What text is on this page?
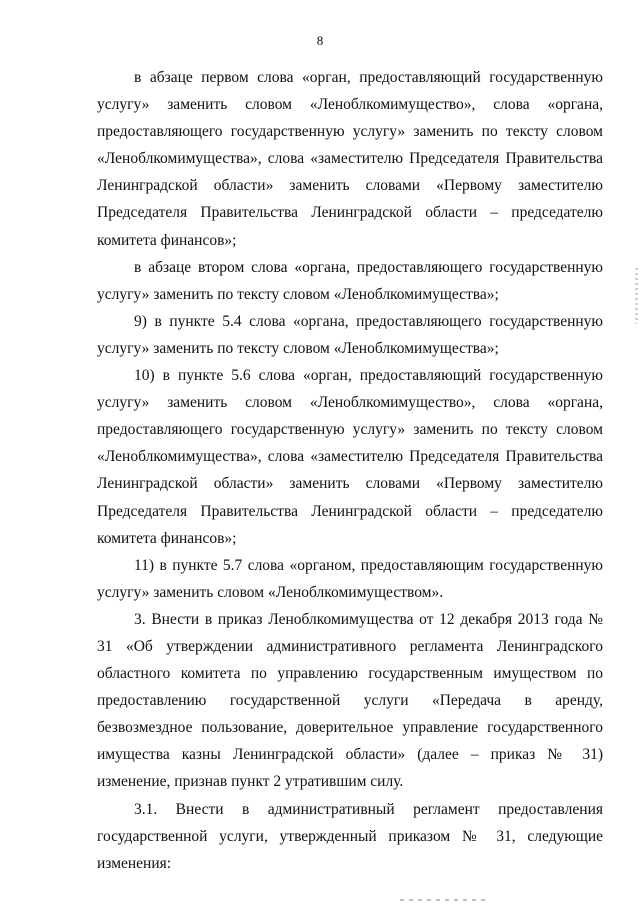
8

в абзаце первом слова «орган, предоставляющий государственную услугу» заменить словом «Леноблкомимущество», слова «органа, предоставляющего государственную услугу» заменить по тексту словом «Леноблкомимущества», слова «заместителю Председателя Правительства Ленинградской области» заменить словами «Первому заместителю Председателя Правительства Ленинградской области – председателю комитета финансов»;

в абзаце втором слова «органа, предоставляющего государственную услугу» заменить по тексту словом «Леноблкомимущества»;

9) в пункте 5.4 слова «органа, предоставляющего государственную услугу» заменить по тексту словом «Леноблкомимущества»;

10) в пункте 5.6 слова «орган, предоставляющий государственную услугу» заменить словом «Леноблкомимущество», слова «органа, предоставляющего государственную услугу» заменить по тексту словом «Леноблкомимущества», слова «заместителю Председателя Правительства Ленинградской области» заменить словами «Первому заместителю Председателя Правительства Ленинградской области – председателю комитета финансов»;

11) в пункте 5.7 слова «органом, предоставляющим государственную услугу» заменить словом «Леноблкомимуществом».

3. Внести в приказ Леноблкомимущества от 12 декабря 2013 года № 31 «Об утверждении административного регламента Ленинградского областного комитета по управлению государственным имуществом по предоставлению государственной услуги «Передача в аренду, безвозмездное пользование, доверительное управление государственного имущества казны Ленинградской области» (далее – приказ № 31) изменение, признав пункт 2 утратившим силу.

3.1. Внести в административный регламент предоставления государственной услуги, утвержденный приказом № 31, следующие изменения:
